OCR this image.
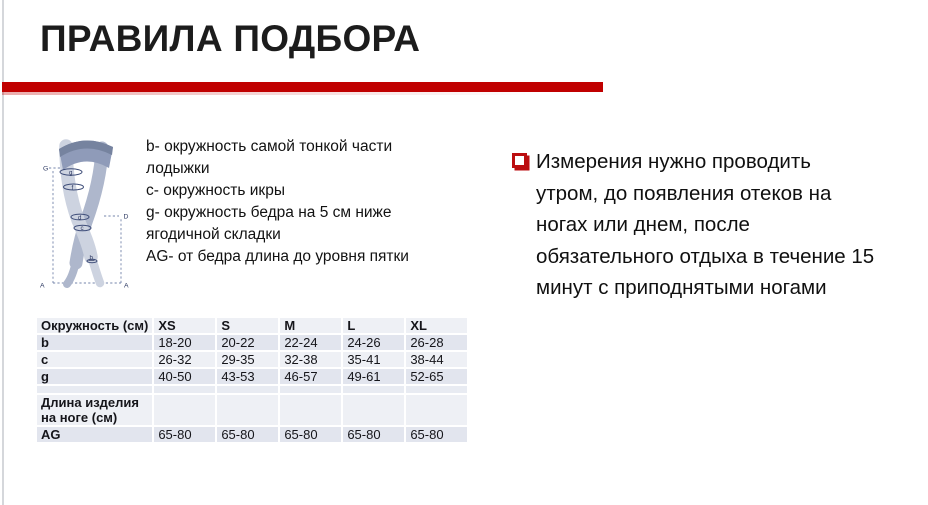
ПРАВИЛА ПОДБОРА
g
f
d
c
b
G
D
A	A
b- окружность самой тонкой части лодыжки
c- окружность икры
g- окружность бедра на 5 см ниже ягодичной складки
AG- от бедра длина до уровня пятки
Окружность (см)	XS	S	M	L	XL
b	18-20	20-22	22-24	24-26	26-28
c	26-32	29-35	32-38	35-41	38-44
g	40-50	43-53	46-57	49-61	52-65

Длина изделия на ноге (см)					
AG	65-80	65-80	65-80	65-80	65-80

Измерения нужно проводить
утром, до появления отеков на
ногах или днем, после
обязательного отдыха в течение 15
минут с приподнятыми ногами
